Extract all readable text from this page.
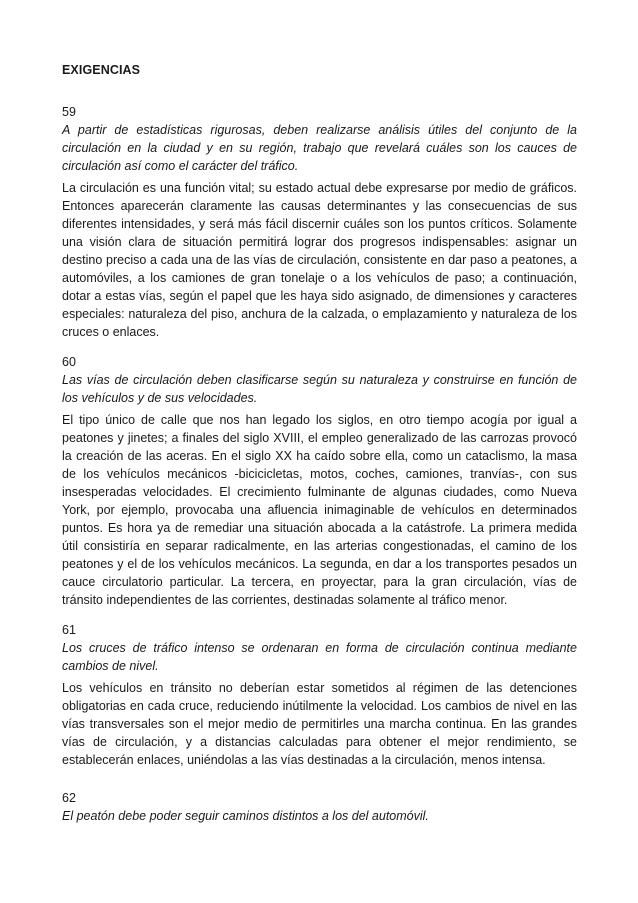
EXIGENCIAS

59

A partir de estadísticas rigurosas, deben realizarse análisis útiles del conjunto de la circulación en la ciudad y en su región, trabajo que revelará cuáles son los cauces de circulación así como el carácter del tráfico.

La circulación es una función vital; su estado actual debe expresarse por medio de gráficos. Entonces aparecerán claramente las causas determinantes y las consecuencias de sus diferentes intensidades, y será más fácil discernir cuáles son los puntos críticos. Solamente una visión clara de situación permitirá lograr dos progresos indispensables: asignar un destino preciso a cada una de las vías de circulación, consistente en dar paso a peatones, a automóviles, a los camiones de gran tonelaje o a los vehículos de paso; a continuación, dotar a estas vías, según el papel que les haya sido asignado, de dimensiones y caracteres especiales: naturaleza del piso, anchura de la calzada, o emplazamiento y naturaleza de los cruces o enlaces.

60

Las vías de circulación deben clasificarse según su naturaleza y construirse en función de los vehículos y de sus velocidades.

El tipo único de calle que nos han legado los siglos, en otro tiempo acogía por igual a peatones y jinetes; a finales del siglo XVIII, el empleo generalizado de las carrozas provocó la creación de las aceras. En el siglo XX ha caído sobre ella, como un cataclismo, la masa de los vehículos mecánicos -bicicicletas, motos, coches, camiones, tranvías-, con sus insesperadas velocidades. El crecimiento fulminante de algunas ciudades, como Nueva York, por ejemplo, provocaba una afluencia inimaginable de vehículos en determinados puntos. Es hora ya de remediar una situación abocada a la catástrofe. La primera medida útil consistiría en separar radicalmente, en las arterias congestionadas, el camino de los peatones y el de los vehículos mecánicos. La segunda, en dar a los transportes pesados un cauce circulatorio particular. La tercera, en proyectar, para la gran circulación, vías de tránsito independientes de las corrientes, destinadas solamente al tráfico menor.

61

Los cruces de tráfico intenso se ordenaran en forma de circulación continua mediante cambios de nivel.

Los vehículos en tránsito no deberían estar sometidos al régimen de las detenciones obligatorias en cada cruce, reduciendo inútilmente la velocidad. Los cambios de nivel en las vías transversales son el mejor medio de permitirles una marcha continua. En las grandes vías de circulación, y a distancias calculadas para obtener el mejor rendimiento, se establecerán enlaces, uniéndolas a las vías destinadas a la circulación, menos intensa.

62

El peatón debe poder seguir caminos distintos a los del automóvil.
